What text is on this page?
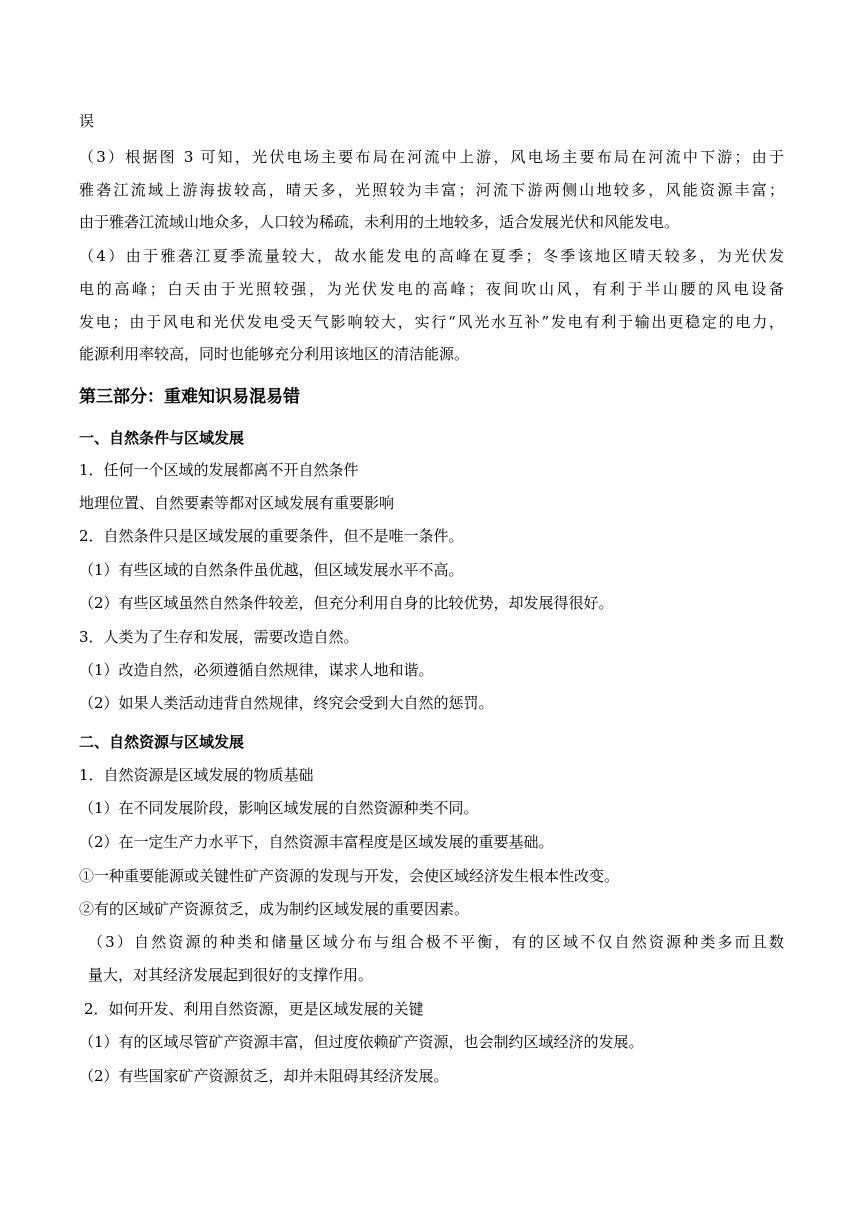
误
（3）根据图 3 可知，光伏电场主要布局在河流中上游，风电场主要布局在河流中下游；由于
雅砻江流域上游海拔较高，晴天多，光照较为丰富；河流下游两侧山地较多，风能资源丰富；
由于雅砻江流域山地众多，人口较为稀疏，未利用的土地较多，适合发展光伏和风能发电。
（4）由于雅砻江夏季流量较大，故水能发电的高峰在夏季；冬季该地区晴天较多，为光伏发
电的高峰；白天由于光照较强，为光伏发电的高峰；夜间吹山风，有利于半山腰的风电设备
发电；由于风电和光伏发电受天气影响较大，实行“风光水互补”发电有利于输出更稳定的电力，
能源利用率较高，同时也能够充分利用该地区的清洁能源。
第三部分：重难知识易混易错
一、自然条件与区域发展
1．任何一个区域的发展都离不开自然条件
地理位置、自然要素等都对区域发展有重要影响
2．自然条件只是区域发展的重要条件，但不是唯一条件。
（1）有些区域的自然条件虽优越，但区域发展水平不高。
（2）有些区域虽然自然条件较差，但充分利用自身的比较优势，却发展得很好。
3．人类为了生存和发展，需要改造自然。
（1）改造自然，必须遵循自然规律，谋求人地和谐。
（2）如果人类活动违背自然规律，终究会受到大自然的惩罚。
二、自然资源与区域发展
1．自然资源是区域发展的物质基础
（1）在不同发展阶段，影响区域发展的自然资源种类不同。
（2）在一定生产力水平下，自然资源丰富程度是区域发展的重要基础。
①一种重要能源或关键性矿产资源的发现与开发，会使区域经济发生根本性改变。
②有的区域矿产资源贫乏，成为制约区域发展的重要因素。
（3）自然资源的种类和储量区域分布与组合极不平衡，有的区域不仅自然资源种类多而且数
量大，对其经济发展起到很好的支撑作用。
2．如何开发、利用自然资源，更是区域发展的关键
（1）有的区域尽管矿产资源丰富，但过度依赖矿产资源，也会制约区域经济的发展。
（2）有些国家矿产资源贫乏，却并未阻碍其经济发展。
